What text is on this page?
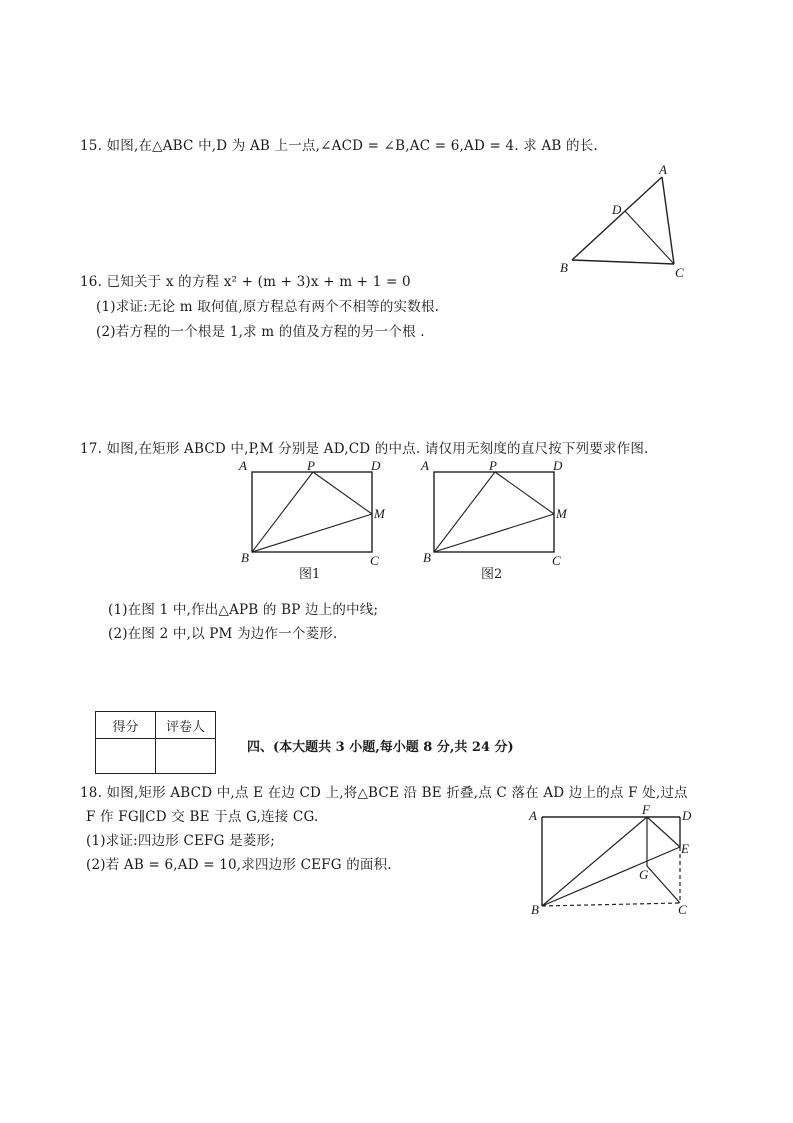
15. 如图,在△ABC 中,D 为 AB 上一点,∠ACD = ∠B,AC = 6,AD = 4. 求 AB 的长.
A
D
B	C
16. 已知关于 x 的方程 x² + (m + 3)x + m + 1 = 0
(1)求证:无论 m 取何值,原方程总有两个不相等的实数根.
(2)若方程的一个根是 1,求 m 的值及方程的另一个根 .
17. 如图,在矩形 ABCD 中,P,M 分别是 AD,CD 的中点. 请仅用无刻度的直尺按下列要求作图.
A	P	D
M
B	C
图1
A	P	D
M
B	C
图2
(1)在图 1 中,作出△APB 的 BP 边上的中线;
(2)在图 2 中,以 PM 为边作一个菱形.
得分	评卷人

四、(本大题共 3 小题,每小题 8 分,共 24 分)
18. 如图,矩形 ABCD 中,点 E 在边 CD 上,将△BCE 沿 BE 折叠,点 C 落在 AD 边上的点 F 处,过点
F 作 FG∥CD 交 BE 于点 G,连接 CG.
(1)求证:四边形 CEFG 是菱形;
(2)若 AB = 6,AD = 10,求四边形 CEFG 的面积.
A	F D
E
G
B	C
